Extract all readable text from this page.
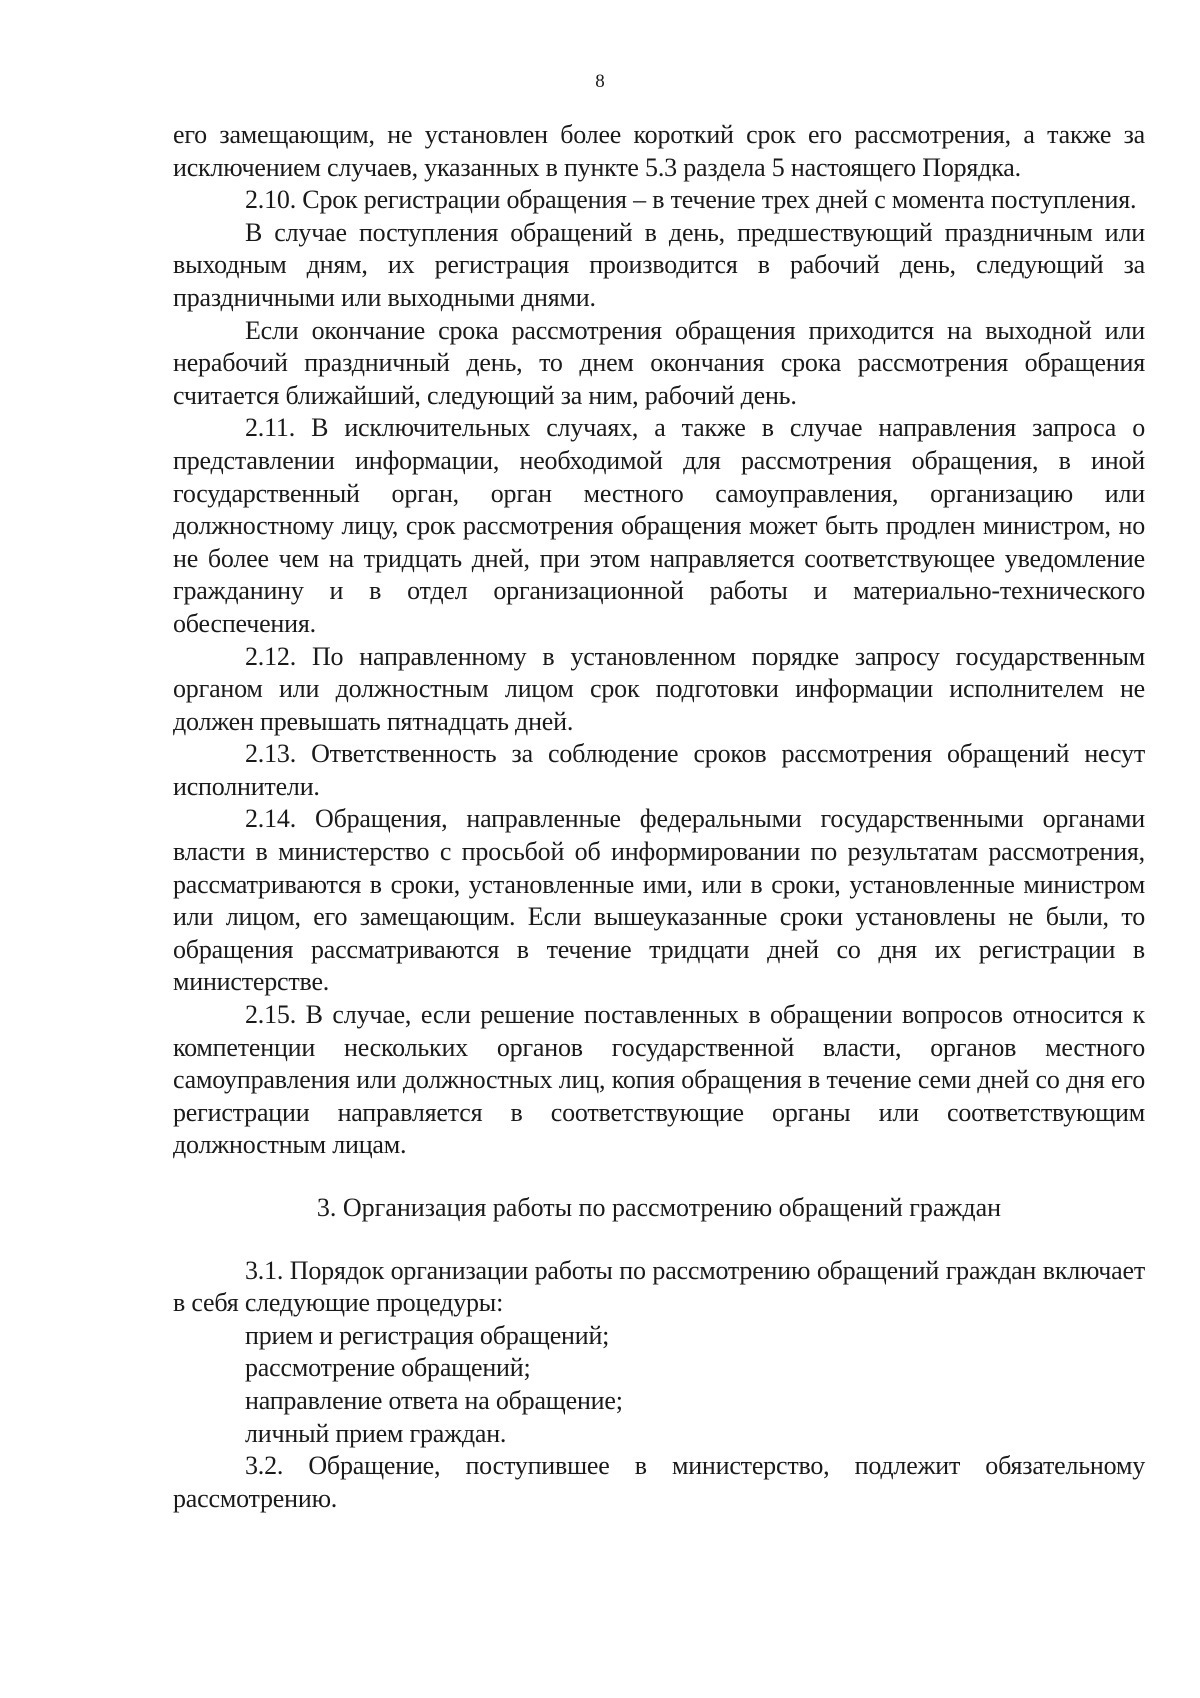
8

его замещающим, не установлен более короткий срок его рассмотрения, а также за исключением случаев, указанных в пункте 5.3 раздела 5 настоящего Порядка.

2.10. Срок регистрации обращения – в течение трех дней с момента поступления.

В случае поступления обращений в день, предшествующий праздничным или выходным дням, их регистрация производится в рабочий день, следующий за праздничными или выходными днями.

Если окончание срока рассмотрения обращения приходится на выходной или нерабочий праздничный день, то днем окончания срока рассмотрения обращения считается ближайший, следующий за ним, рабочий день.

2.11. В исключительных случаях, а также в случае направления запроса о представлении информации, необходимой для рассмотрения обращения, в иной государственный орган, орган местного самоуправления, организацию или должностному лицу, срок рассмотрения обращения может быть продлен министром, но не более чем на тридцать дней, при этом направляется соответствующее уведомление гражданину и в отдел организационной работы и материально-технического обеспечения.

2.12. По направленному в установленном порядке запросу государственным органом или должностным лицом срок подготовки информации исполнителем не должен превышать пятнадцать дней.

2.13. Ответственность за соблюдение сроков рассмотрения обращений несут исполнители.

2.14. Обращения, направленные федеральными государственными органами власти в министерство с просьбой об информировании по результатам рассмотрения, рассматриваются в сроки, установленные ими, или в сроки, установленные министром или лицом, его замещающим. Если вышеуказанные сроки установлены не были, то обращения рассматриваются в течение тридцати дней со дня их регистрации в министерстве.

2.15. В случае, если решение поставленных в обращении вопросов относится к компетенции нескольких органов государственной власти, органов местного самоуправления или должностных лиц, копия обращения в течение семи дней со дня его регистрации направляется в соответствующие органы или соответствующим должностным лицам.

3. Организация работы по рассмотрению обращений граждан

3.1. Порядок организации работы по рассмотрению обращений граждан включает в себя следующие процедуры:

прием и регистрация обращений;

рассмотрение обращений;

направление ответа на обращение;

личный прием граждан.

3.2. Обращение, поступившее в министерство, подлежит обязательному рассмотрению.
